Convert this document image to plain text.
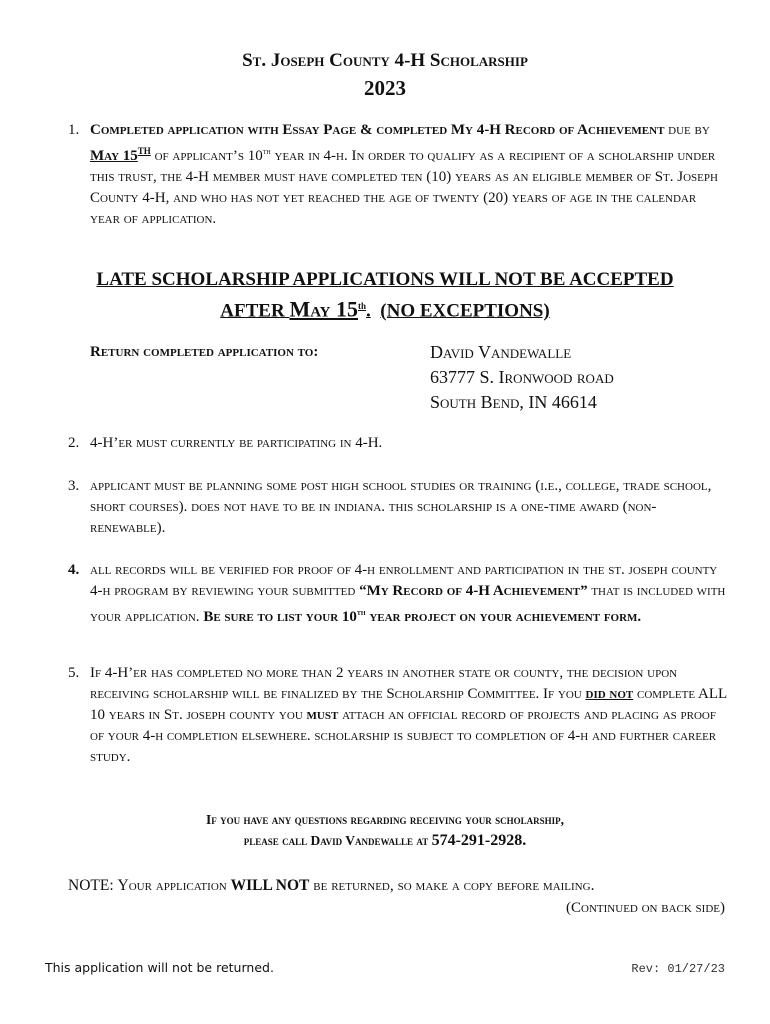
St. Joseph County 4-H Scholarship
2023
1. Completed application with Essay Page & completed My 4-H Record of Achievement due by May 15TH of applicant’s 10th year in 4-h. In order to qualify as a recipient of a scholarship under this trust, the 4-H member must have completed ten (10) years as an eligible member of St. Joseph County 4-H, and who has not yet reached the age of twenty (20) years of age in the calendar year of application.
LATE SCHOLARSHIP APPLICATIONS WILL NOT BE ACCEPTED
AFTER May 15th. (NO EXCEPTIONS)
Return completed application to:	David Vandewalle
63777 S. Ironwood road
South Bend, IN 46614
2. 4-H’er must currently be participating in 4-H.
3. applicant must be planning some post high school studies or training (i.e., college, trade school, short courses). does not have to be in indiana. this scholarship is a one-time award (non-renewable).
4. all records will be verified for proof of 4-h enrollment and participation in the st. joseph county 4-h program by reviewing your submitted “My Record of 4-H Achievement” that is included with your application. Be sure to list your 10th year project on your achievement form.
5. If 4-H’er has completed no more than 2 years in another state or county, the decision upon receiving scholarship will be finalized by the Scholarship Committee. If you did not complete ALL 10 years in St. joseph county you must attach an official record of projects and placing as proof of your 4-h completion elsewhere. scholarship is subject to completion of 4-h and further career study.
If you have any questions regarding receiving your scholarship,
please call David Vandewalle at 574-291-2928.
NOTE: Your application WILL NOT be returned, so make a copy before mailing.
(Continued on back side)
This application will not be returned.	Rev: 01/27/23
